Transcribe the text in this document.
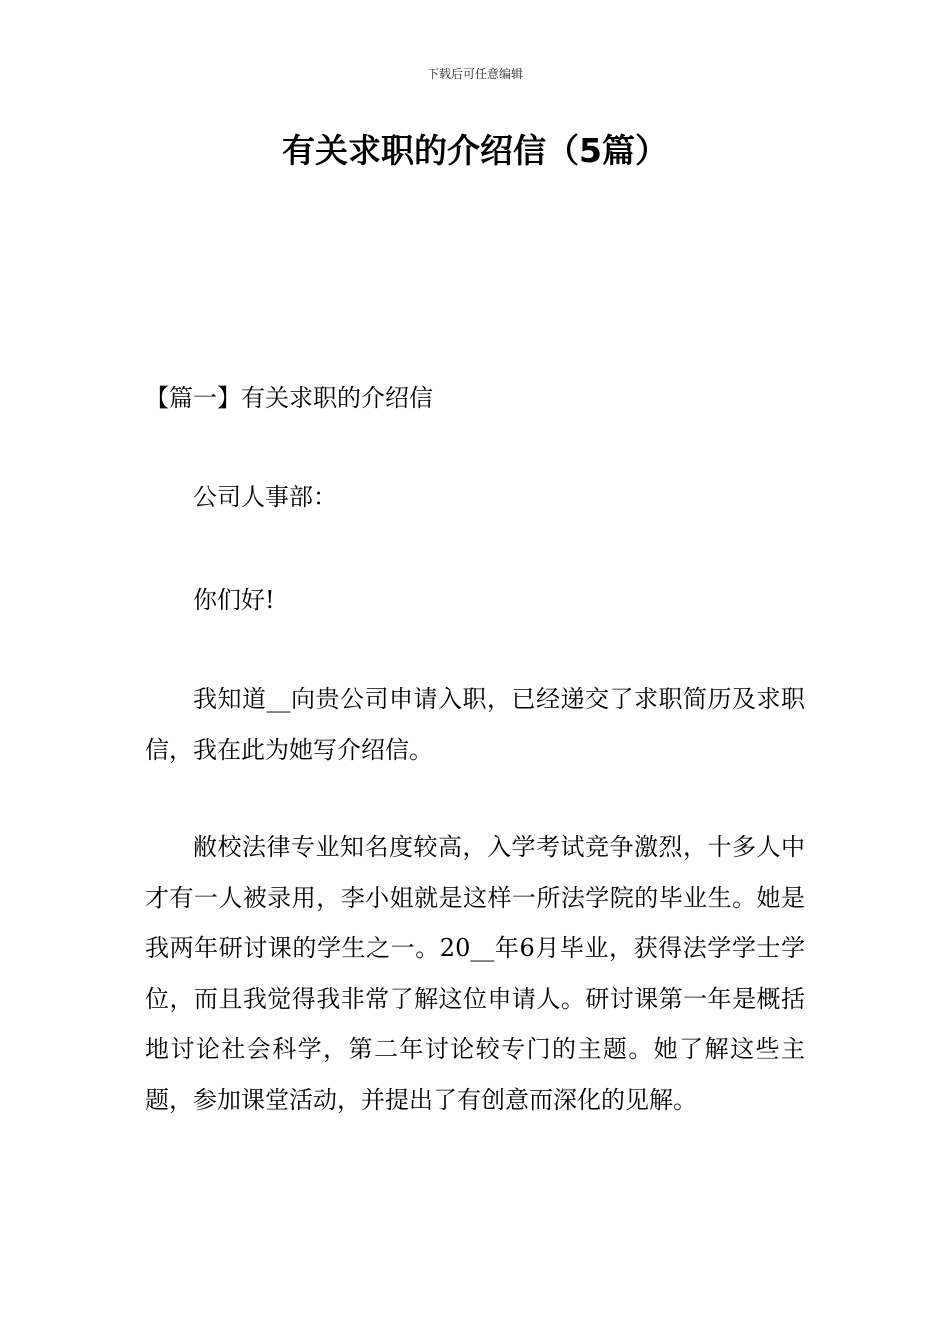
下载后可任意编辑
有关求职的介绍信（5篇）
【篇一】有关求职的介绍信

公司人事部：

你们好!

我知道__向贵公司申请入职，已经递交了求职简历及求职信，我在此为她写介绍信。

敝校法律专业知名度较高，入学考试竞争激烈，十多人中才有一人被录用，李小姐就是这样一所法学院的毕业生。她是我两年研讨课的学生之一。20__年6月毕业，获得法学学士学位，而且我觉得我非常了解这位申请人。研讨课第一年是概括地讨论社会科学，第二年讨论较专门的主题。她了解这些主题，参加课堂活动，并提出了有创意而深化的见解。
